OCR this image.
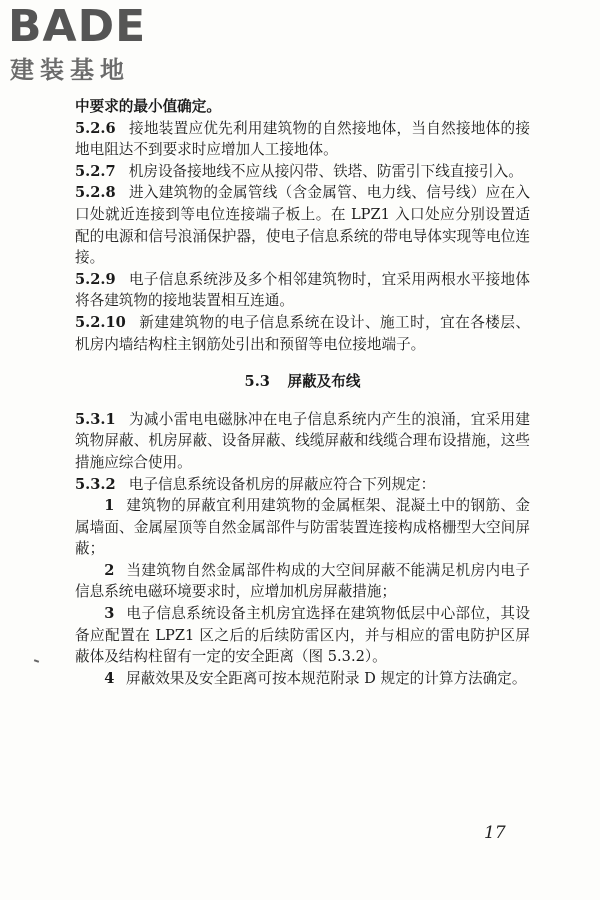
BADE
建装基地

中要求的最小值确定。

5.2.6 接地装置应优先利用建筑物的自然接地体，当自然接地体的接地电阻达不到要求时应增加人工接地体。

5.2.7 机房设备接地线不应从接闪带、铁塔、防雷引下线直接引入。

5.2.8 进入建筑物的金属管线（含金属管、电力线、信号线）应在入口处就近连接到等电位连接端子板上。在 LPZ1 入口处应分别设置适配的电源和信号浪涌保护器，使电子信息系统的带电导体实现等电位连接。

5.2.9 电子信息系统涉及多个相邻建筑物时，宜采用两根水平接地体将各建筑物的接地装置相互连通。

5.2.10 新建建筑物的电子信息系统在设计、施工时，宜在各楼层、机房内墙结构柱主钢筋处引出和预留等电位接地端子。

5.3 屏蔽及布线

5.3.1 为减小雷电电磁脉冲在电子信息系统内产生的浪涌，宜采用建筑物屏蔽、机房屏蔽、设备屏蔽、线缆屏蔽和线缆合理布设措施，这些措施应综合使用。

5.3.2 电子信息系统设备机房的屏蔽应符合下列规定：

1 建筑物的屏蔽宜利用建筑物的金属框架、混凝土中的钢筋、金属墙面、金属屋顶等自然金属部件与防雷装置连接构成格栅型大空间屏蔽；

2 当建筑物自然金属部件构成的大空间屏蔽不能满足机房内电子信息系统电磁环境要求时，应增加机房屏蔽措施；

3 电子信息系统设备主机房宜选择在建筑物低层中心部位，其设备应配置在 LPZ1 区之后的后续防雷区内，并与相应的雷电防护区屏蔽体及结构柱留有一定的安全距离（图 5.3.2）。

4 屏蔽效果及安全距离可按本规范附录 D 规定的计算方法确定。

17
